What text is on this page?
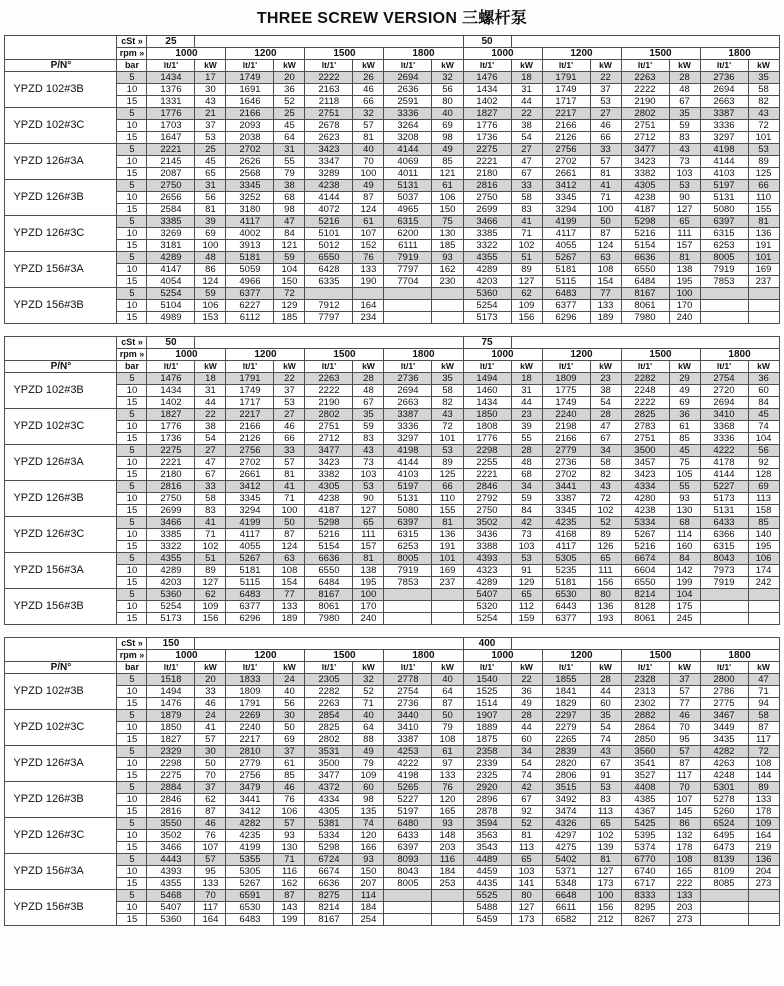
THREE SCREW VERSION 三螺杆泵
	cSt »	25								50							
	rpm »	1000		1200		1500		1800		1000		1200		1500		1800	
P/N°	bar	lt/1'	kW	lt/1'	kW	lt/1'	kW	lt/1'	kW	lt/1'	kW	lt/1'	kW	lt/1'	kW	lt/1'	kW
YPZD 102#3B	5	1434	17	1749	20	2222	26	2694	32	1476	18	1791	22	2263	28	2736	35
	10	1376	30	1691	36	2163	46	2636	56	1434	31	1749	37	2222	48	2694	58
	15	1331	43	1646	52	2118	66	2591	80	1402	44	1717	53	2190	67	2663	82
YPZD 102#3C	5	1776	21	2166	25	2751	32	3336	40	1827	22	2217	27	2802	35	3387	43
	10	1703	37	2093	45	2678	57	3264	69	1776	38	2166	46	2751	59	3336	72
	15	1647	53	2038	64	2623	81	3208	98	1736	54	2126	66	2712	83	3297	101
YPZD 126#3A	5	2221	25	2702	31	3423	40	4144	49	2275	27	2756	33	3477	43	4198	53
	10	2145	45	2626	55	3347	70	4069	85	2221	47	2702	57	3423	73	4144	89
	15	2087	65	2568	79	3289	100	4011	121	2180	67	2661	81	3382	103	4103	125
YPZD 126#3B	5	2750	31	3345	38	4238	49	5131	61	2816	33	3412	41	4305	53	5197	66
	10	2656	56	3252	68	4144	87	5037	106	2750	58	3345	71	4238	90	5131	110
	15	2584	81	3180	98	4072	124	4965	150	2699	83	3294	100	4187	127	5080	155
YPZD 126#3C	5	3385	39	4117	47	5216	61	6315	75	3466	41	4199	50	5298	65	6397	81
	10	3269	69	4002	84	5101	107	6200	130	3385	71	4117	87	5216	111	6315	136
	15	3181	100	3913	121	5012	152	6111	185	3322	102	4055	124	5154	157	6253	191
YPZD 156#3A	5	4289	48	5181	59	6550	76	7919	93	4355	51	5267	63	6636	81	8005	101
	10	4147	86	5059	104	6428	133	7797	162	4289	89	5181	108	6550	138	7919	169
	15	4054	124	4966	150	6335	190	7704	230	4203	127	5115	154	6484	195	7853	237
YPZD 156#3B	5	5254	59	6377	72					5360	62	6483	77	8167	100		
	10	5104	106	6227	129	7912	164			5254	109	6377	133	8061	170		
	15	4989	153	6112	185	7797	234			5173	156	6296	189	7980	240		
	cSt »	50								75							
	rpm »	1000		1200		1500		1800		1000		1200		1500		1800	
P/N°	bar	lt/1'	kW	lt/1'	kW	lt/1'	kW	lt/1'	kW	lt/1'	kW	lt/1'	kW	lt/1'	kW	lt/1'	kW
YPZD 102#3B	5	1476	18	1791	22	2263	28	2736	35	1494	18	1809	23	2282	29	2754	36
	10	1434	31	1749	37	2222	48	2694	58	1460	31	1775	38	2248	49	2720	60
	15	1402	44	1717	53	2190	67	2663	82	1434	44	1749	54	2222	69	2694	84
YPZD 102#3C	5	1827	22	2217	27	2802	35	3387	43	1850	23	2240	28	2825	36	3410	45
	10	1776	38	2166	46	2751	59	3336	72	1808	39	2198	47	2783	61	3368	74
	15	1736	54	2126	66	2712	83	3297	101	1776	55	2166	67	2751	85	3336	104
YPZD 126#3A	5	2275	27	2756	33	3477	43	4198	53	2298	28	2779	34	3500	45	4222	56
	10	2221	47	2702	57	3423	73	4144	89	2255	48	2736	58	3457	75	4178	92
	15	2180	67	2661	81	3382	103	4103	125	2221	68	2702	82	3423	105	4144	128
YPZD 126#3B	5	2816	33	3412	41	4305	53	5197	66	2846	34	3441	43	4334	55	5227	69
	10	2750	58	3345	71	4238	90	5131	110	2792	59	3387	72	4280	93	5173	113
	15	2699	83	3294	100	4187	127	5080	155	2750	84	3345	102	4238	130	5131	158
YPZD 126#3C	5	3466	41	4199	50	5298	65	6397	81	3502	42	4235	52	5334	68	6433	85
	10	3385	71	4117	87	5216	111	6315	136	3436	73	4168	89	5267	114	6366	140
	15	3322	102	4055	124	5154	157	6253	191	3388	103	4117	126	5216	160	6315	195
YPZD 156#3A	5	4355	51	5267	63	6636	81	8005	101	4393	53	5305	65	6674	84	8043	106
	10	4289	89	5181	108	6550	138	7919	169	4323	91	5235	111	6604	142	7973	174
	15	4203	127	5115	154	6484	195	7853	237	4289	129	5181	156	6550	199	7919	242
YPZD 156#3B	5	5360	62	6483	77	8167	100			5407	65	6530	80	8214	104		
	10	5254	109	6377	133	8061	170			5320	112	6443	136	8128	175		
	15	5173	156	6296	189	7980	240			5254	159	6377	193	8061	245		
	cSt »	150								400							
	rpm »	1000		1200		1500		1800		1000		1200		1500		1800	
P/N°	bar	lt/1'	kW	lt/1'	kW	lt/1'	kW	lt/1'	kW	lt/1'	kW	lt/1'	kW	lt/1'	kW	lt/1'	kW
YPZD 102#3B	5	1518	20	1833	24	2305	32	2778	40	1540	22	1855	28	2328	37	2800	47
	10	1494	33	1809	40	2282	52	2754	64	1525	36	1841	44	2313	57	2786	71
	15	1476	46	1791	56	2263	71	2736	87	1514	49	1829	60	2302	77	2775	94
YPZD 102#3C	5	1879	24	2269	30	2854	40	3440	50	1907	28	2297	35	2882	46	3467	58
	10	1850	41	2240	50	2825	64	3410	79	1889	44	2279	54	2864	70	3449	87
	15	1827	57	2217	69	2802	88	3387	108	1875	60	2265	74	2850	95	3435	117
YPZD 126#3A	5	2329	30	2810	37	3531	49	4253	61	2358	34	2839	43	3560	57	4282	72
	10	2298	50	2779	61	3500	79	4222	97	2339	54	2820	67	3541	87	4263	108
	15	2275	70	2756	85	3477	109	4198	133	2325	74	2806	91	3527	117	4248	144
YPZD 126#3B	5	2884	37	3479	46	4372	60	5265	76	2920	42	3515	53	4408	70	5301	89
	10	2846	62	3441	76	4334	98	5227	120	2896	67	3492	83	4385	107	5278	133
	15	2816	87	3412	106	4305	135	5197	165	2878	92	3474	113	4367	145	5260	178
YPZD 126#3C	5	3550	46	4282	57	5381	74	6480	93	3594	52	4326	65	5425	86	6524	109
	10	3502	76	4235	93	5334	120	6433	148	3563	81	4297	102	5395	132	6495	164
	15	3466	107	4199	130	5298	166	6397	203	3543	113	4275	139	5374	178	6473	219
YPZD 156#3A	5	4443	57	5355	71	6724	93	8093	116	4489	65	5402	81	6770	108	8139	136
	10	4393	95	5305	116	6674	150	8043	184	4459	103	5371	127	6740	165	8109	204
	15	4355	133	5267	162	6636	207	8005	253	4435	141	5348	173	6717	222	8085	273
YPZD 156#3B	5	5468	70	6591	87	8275	114			5525	80	6648	100	8333	133		
	10	5407	117	6530	143	8214	184			5488	127	6611	156	8295	203		
	15	5360	164	6483	199	8167	254			5459	173	6582	212	8267	273		
